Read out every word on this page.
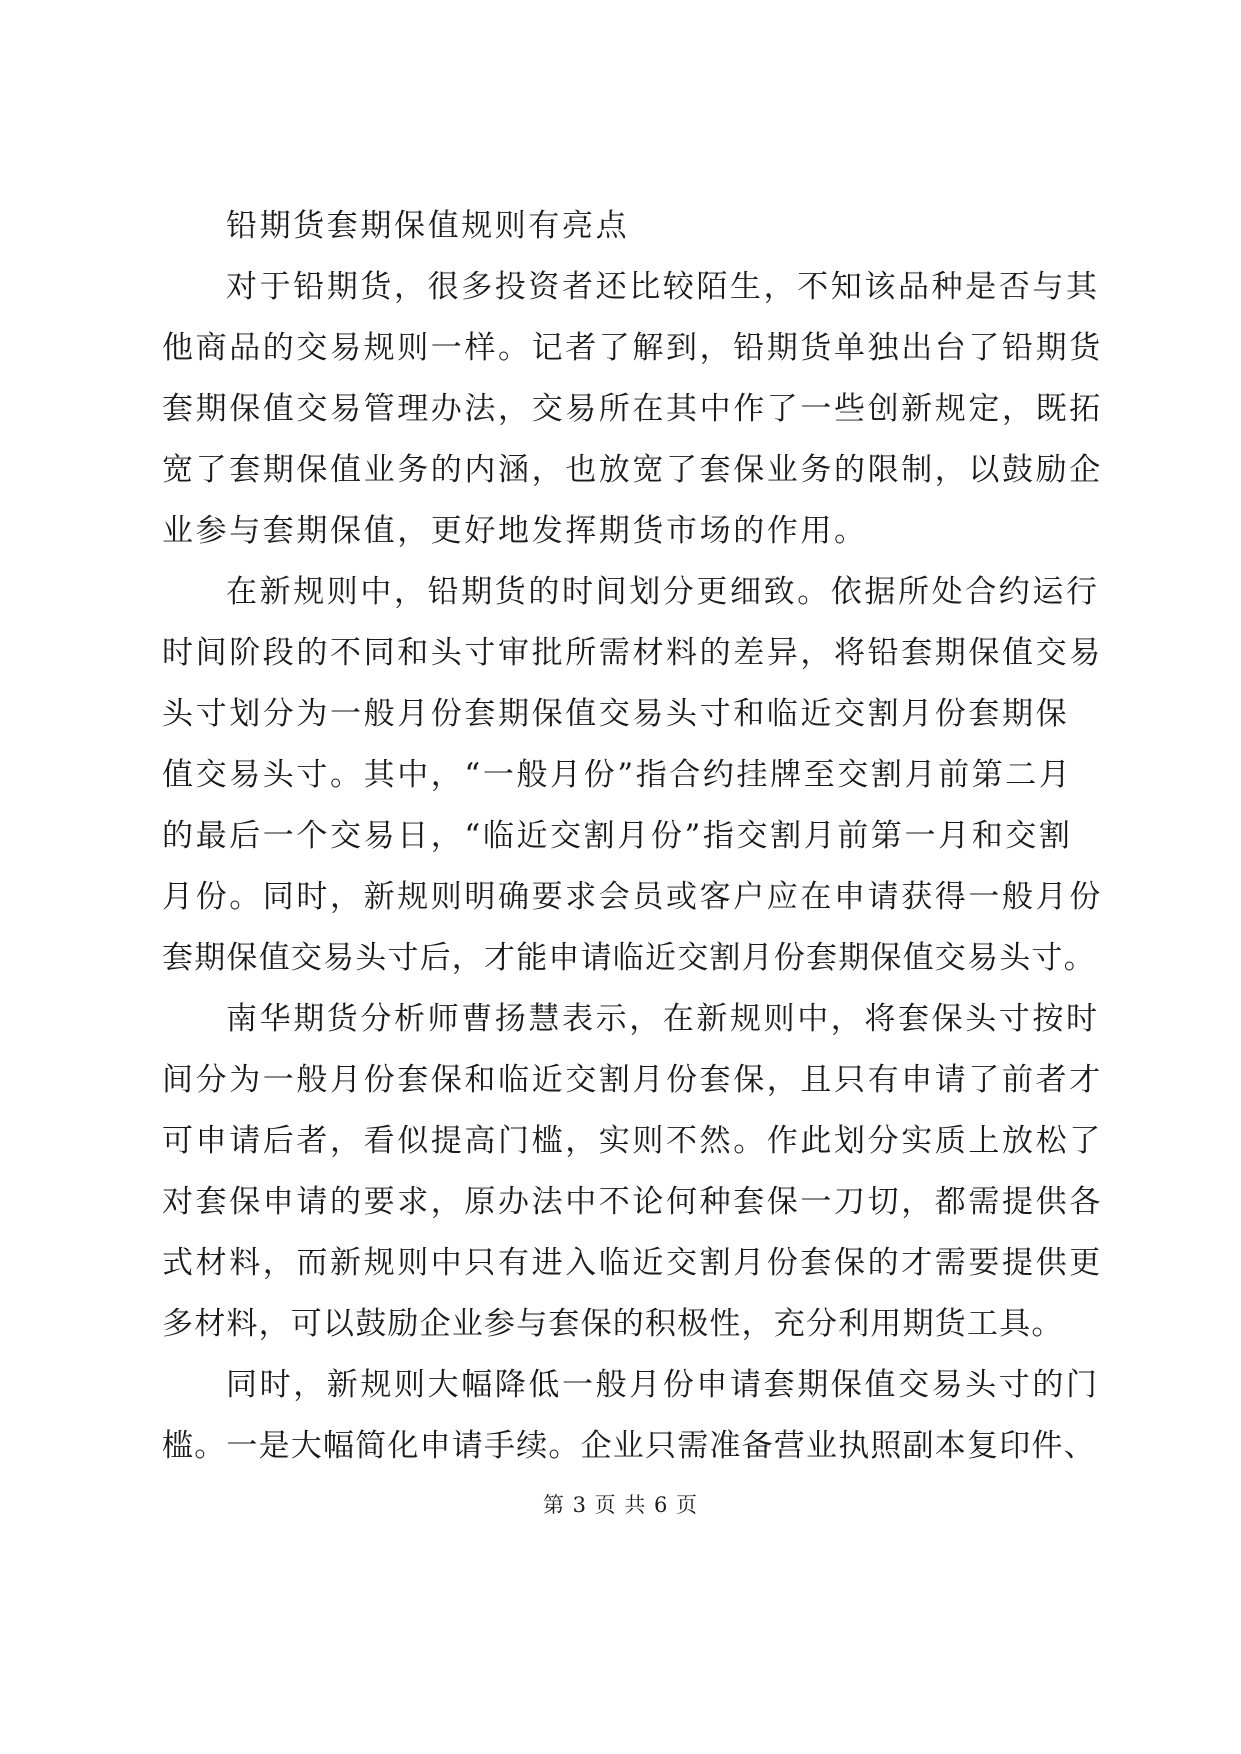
铅期货套期保值规则有亮点
对于铅期货，很多投资者还比较陌生，不知该品种是否与其
他商品的交易规则一样。记者了解到，铅期货单独出台了铅期货
套期保值交易管理办法，交易所在其中作了一些创新规定，既拓
宽了套期保值业务的内涵，也放宽了套保业务的限制，以鼓励企
业参与套期保值，更好地发挥期货市场的作用。
在新规则中，铅期货的时间划分更细致。依据所处合约运行
时间阶段的不同和头寸审批所需材料的差异，将铅套期保值交易
头寸划分为一般月份套期保值交易头寸和临近交割月份套期保
值交易头寸。其中，“一般月份”指合约挂牌至交割月前第二月
的最后一个交易日，“临近交割月份”指交割月前第一月和交割
月份。同时，新规则明确要求会员或客户应在申请获得一般月份
套期保值交易头寸后，才能申请临近交割月份套期保值交易头寸。
南华期货分析师曹扬慧表示，在新规则中，将套保头寸按时
间分为一般月份套保和临近交割月份套保，且只有申请了前者才
可申请后者，看似提高门槛，实则不然。作此划分实质上放松了
对套保申请的要求，原办法中不论何种套保一刀切，都需提供各
式材料，而新规则中只有进入临近交割月份套保的才需要提供更
多材料，可以鼓励企业参与套保的积极性，充分利用期货工具。
同时，新规则大幅降低一般月份申请套期保值交易头寸的门
槛。一是大幅简化申请手续。企业只需准备营业执照副本复印件、
第 3 页 共 6 页
